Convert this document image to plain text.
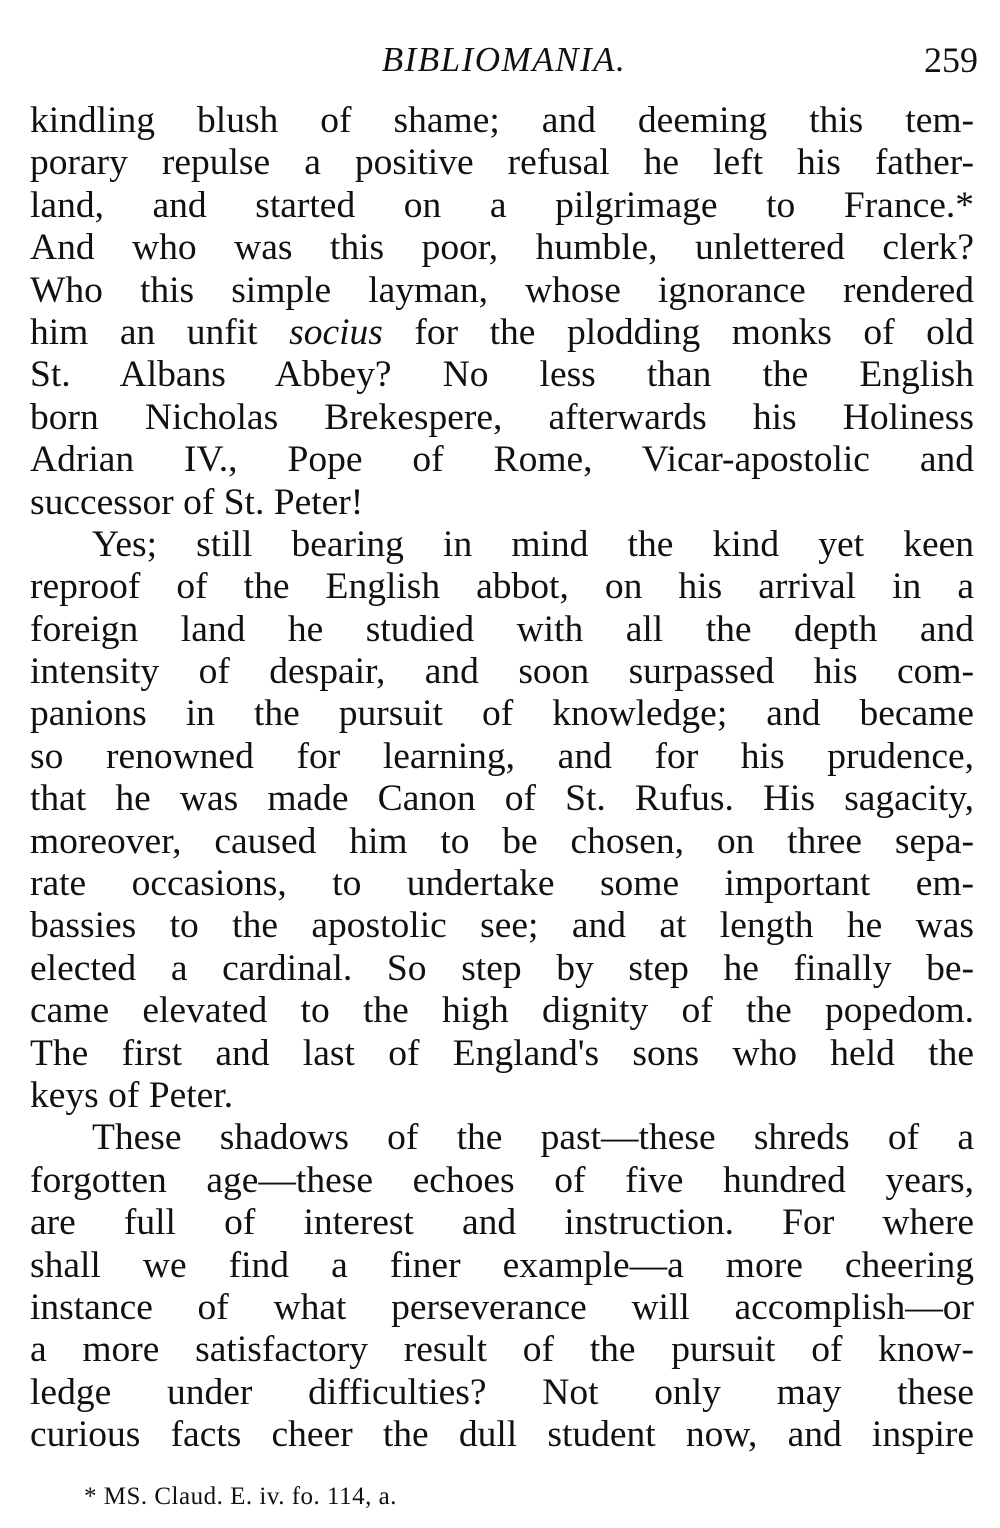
BIBLIOMANIA.	259
kindling blush of shame; and deeming this tem-
porary repulse a positive refusal he left his father-
land, and started on a pilgrimage to France.*
And who was this poor, humble, unlettered clerk?
Who this simple layman, whose ignorance rendered
him an unfit socius for the plodding monks of old
St. Albans Abbey? No less than the English
born Nicholas Brekespere, afterwards his Holiness
Adrian IV., Pope of Rome, Vicar-apostolic and
successor of St. Peter!
Yes; still bearing in mind the kind yet keen
reproof of the English abbot, on his arrival in a
foreign land he studied with all the depth and
intensity of despair, and soon surpassed his com-
panions in the pursuit of knowledge; and became
so renowned for learning, and for his prudence,
that he was made Canon of St. Rufus. His sagacity,
moreover, caused him to be chosen, on three sepa-
rate occasions, to undertake some important em-
bassies to the apostolic see; and at length he was
elected a cardinal. So step by step he finally be-
came elevated to the high dignity of the popedom.
The first and last of England's sons who held the
keys of Peter.
These shadows of the past—these shreds of a
forgotten age—these echoes of five hundred years,
are full of interest and instruction. For where
shall we find a finer example—a more cheering
instance of what perseverance will accomplish—or
a more satisfactory result of the pursuit of know-
ledge under difficulties? Not only may these
curious facts cheer the dull student now, and inspire
* MS. Claud. E. iv. fo. 114, a.
